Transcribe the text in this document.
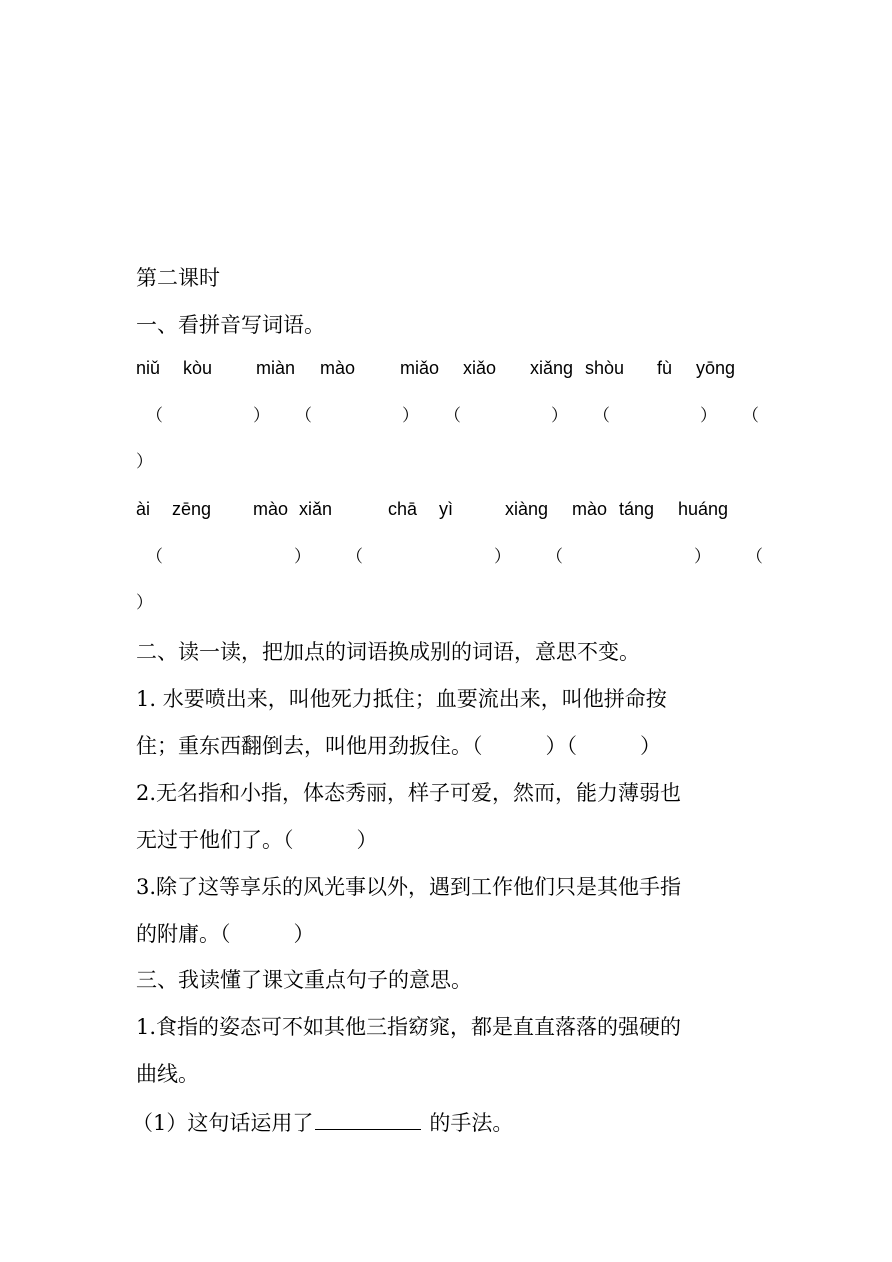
第二课时
一、看拼音写词语。
niǔ kòu miàn mào miǎo xiǎo xiǎng shòu fù yōng
（	） （	） （	） （	） （
）
ài zēng mào xiǎn	chā yì	xiàng mào táng huáng
（	） （	） （	） （
）
二、读一读，把加点的词语换成别的词语，意思不变。
1. 水要喷出来，叫他死力抵住；血要流出来，叫他拼命按
住；重东西翻倒去，叫他用劲扳住。（　　　）（　　　）
2.无名指和小指，体态秀丽，样子可爱，然而，能力薄弱也
无过于他们了。（　　　）
3.除了这等享乐的风光事以外，遇到工作他们只是其他手指
的附庸。（　　　）
三、我读懂了课文重点句子的意思。
1.食指的姿态可不如其他三指窈窕，都是直直落落的强硬的
曲线。
（1）这句话运用了	的手法。
